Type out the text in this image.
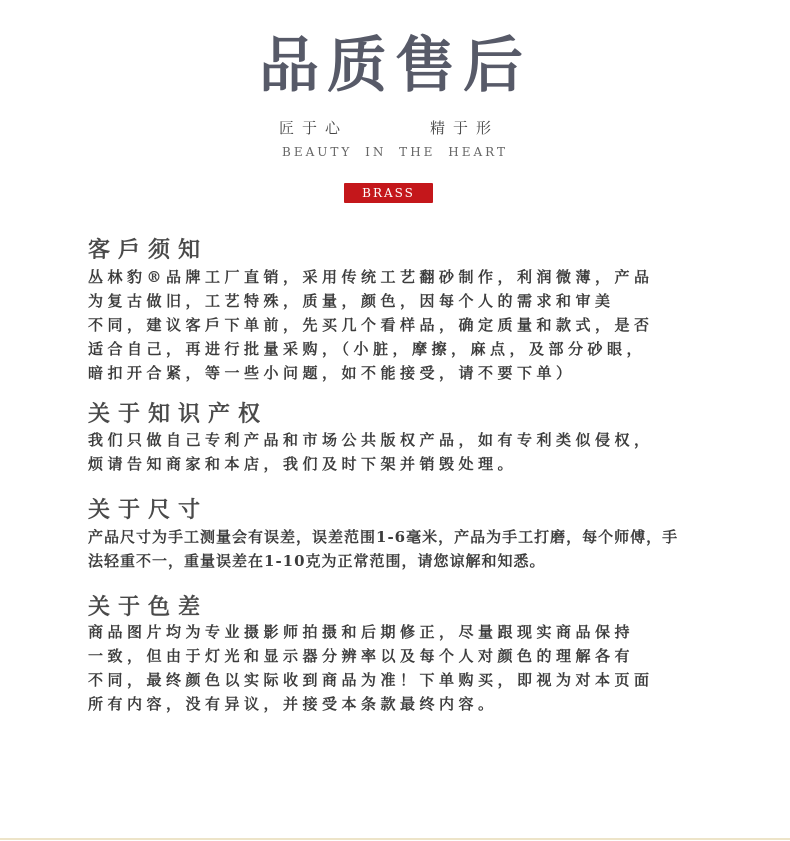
品质售后
匠于心	精于形
BEAUTY IN THE HEART
BRASS
客戶须知
丛林豹®品牌工厂直销，采用传统工艺翻砂制作，利润微薄，产品
为复古做旧，工艺特殊，质量，颜色，因每个人的需求和审美
不同，建议客戶下单前，先买几个看样品，确定质量和款式，是否
适合自己，再进行批量采购，（小脏，摩擦，麻点，及部分砂眼，
暗扣开合紧，等一些小问题，如不能接受，请不要下单）
关于知识产权
我们只做自己专利产品和市场公共版权产品，如有专利类似侵权，
烦请告知商家和本店，我们及时下架并销毁处理。
关于尺寸
产品尺寸为手工测量会有误差，误差范围1-6毫米，产品为手工打磨，每个师傅，手
法轻重不一，重量误差在1-10克为正常范围，请您谅解和知悉。
关于色差
商品图片均为专业摄影师拍摄和后期修正，尽量跟现实商品保持
一致，但由于灯光和显示器分辨率以及每个人对颜色的理解各有
不同，最终颜色以实际收到商品为准！下单购买，即视为对本页面
所有内容，没有异议，并接受本条款最终内容。
